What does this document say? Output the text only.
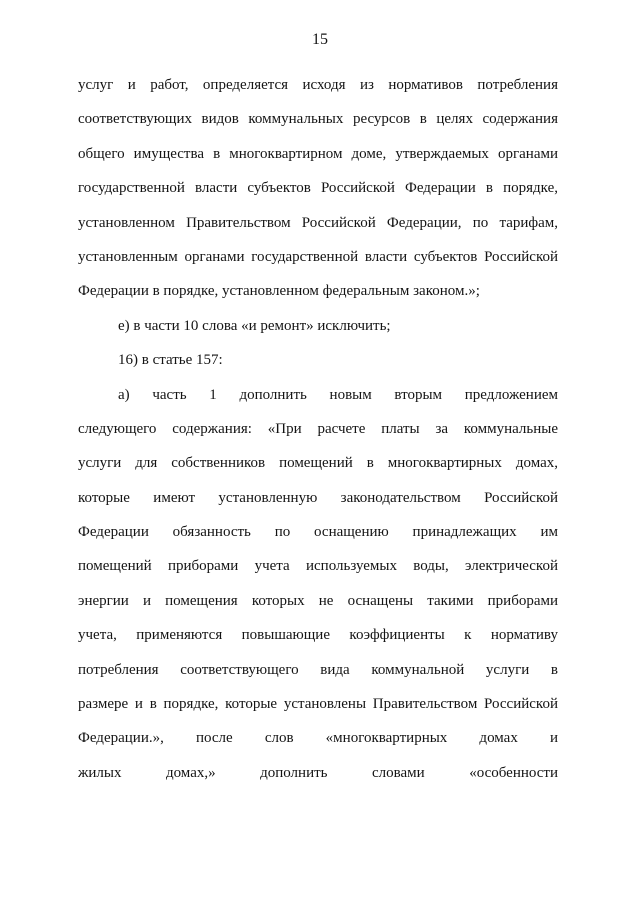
15
услуг и работ, определяется исходя из нормативов потребления
соответствующих видов коммунальных ресурсов в целях содержания
общего имущества в многоквартирном доме, утверждаемых органами
государственной власти субъектов Российской Федерации в порядке,
установленном Правительством Российской Федерации, по тарифам,
установленным органами государственной власти субъектов Российской
Федерации в порядке, установленном федеральным законом.»;
е) в части 10 слова «и ремонт» исключить;
16) в статье 157:
а) часть 1 дополнить новым вторым предложением
следующего содержания: «При расчете платы за коммунальные
услуги для собственников помещений в многоквартирных домах,
которые имеют установленную законодательством Российской
Федерации обязанность по оснащению принадлежащих им
помещений приборами учета используемых воды, электрической
энергии и помещения которых не оснащены такими приборами
учета, применяются повышающие коэффициенты к нормативу
потребления соответствующего вида коммунальной услуги в
размере и в порядке, которые установлены Правительством Российской
Федерации.», после слов «многоквартирных домах и
жилых домах,» дополнить словами «особенности
